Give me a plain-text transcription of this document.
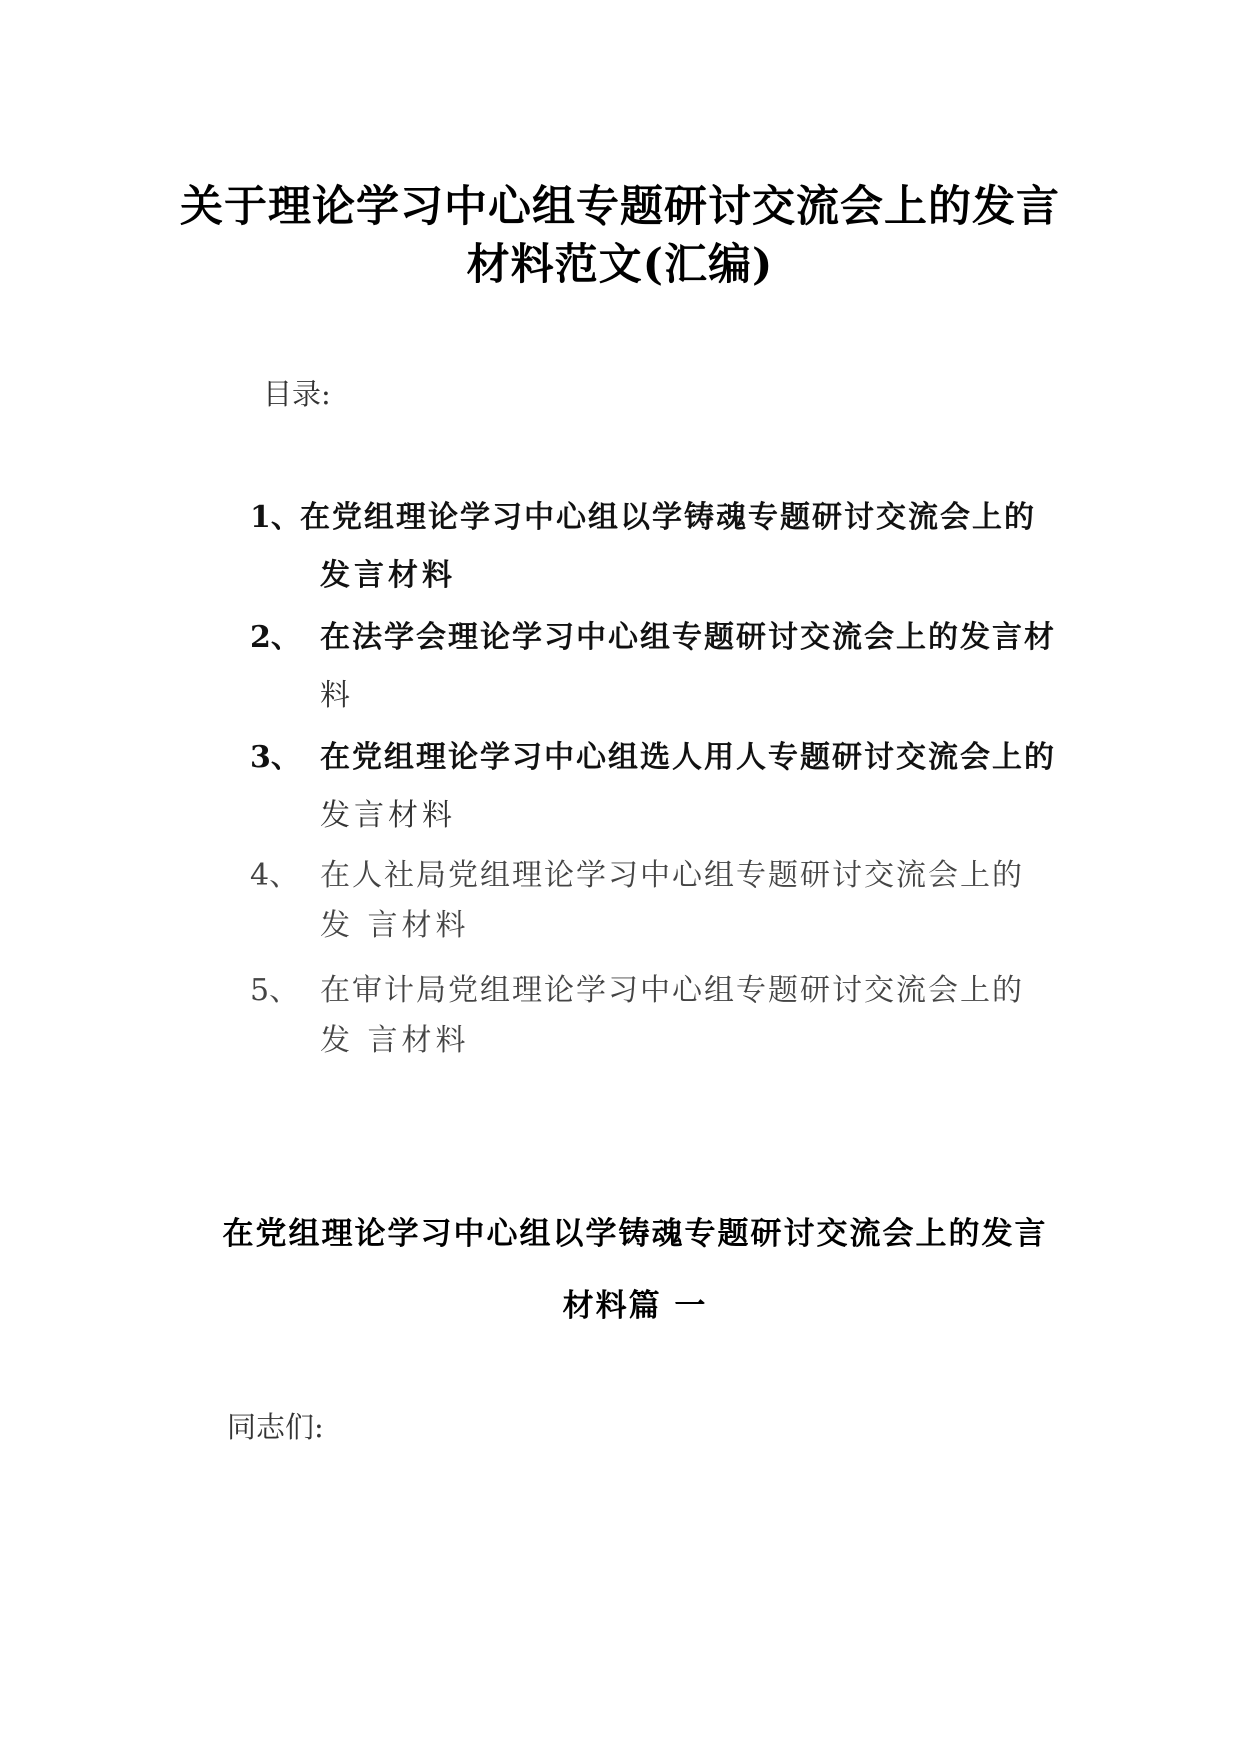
关于理论学习中心组专题研讨交流会上的发言
材料范文(汇编)
目录:
1、 在党组理论学习中心组以学铸魂专题研讨交流会上的
发言材料
2、 在法学会理论学习中心组专题研讨交流会上的发言材
料
3、 在党组理论学习中心组选人用人专题研讨交流会上的
发言材料
4、 在人社局党组理论学习中心组专题研讨交流会上的
发 言材料
5、 在审计局党组理论学习中心组专题研讨交流会上的
发 言材料
在党组理论学习中心组以学铸魂专题研讨交流会上的发言
材料篇 一
同志们:
